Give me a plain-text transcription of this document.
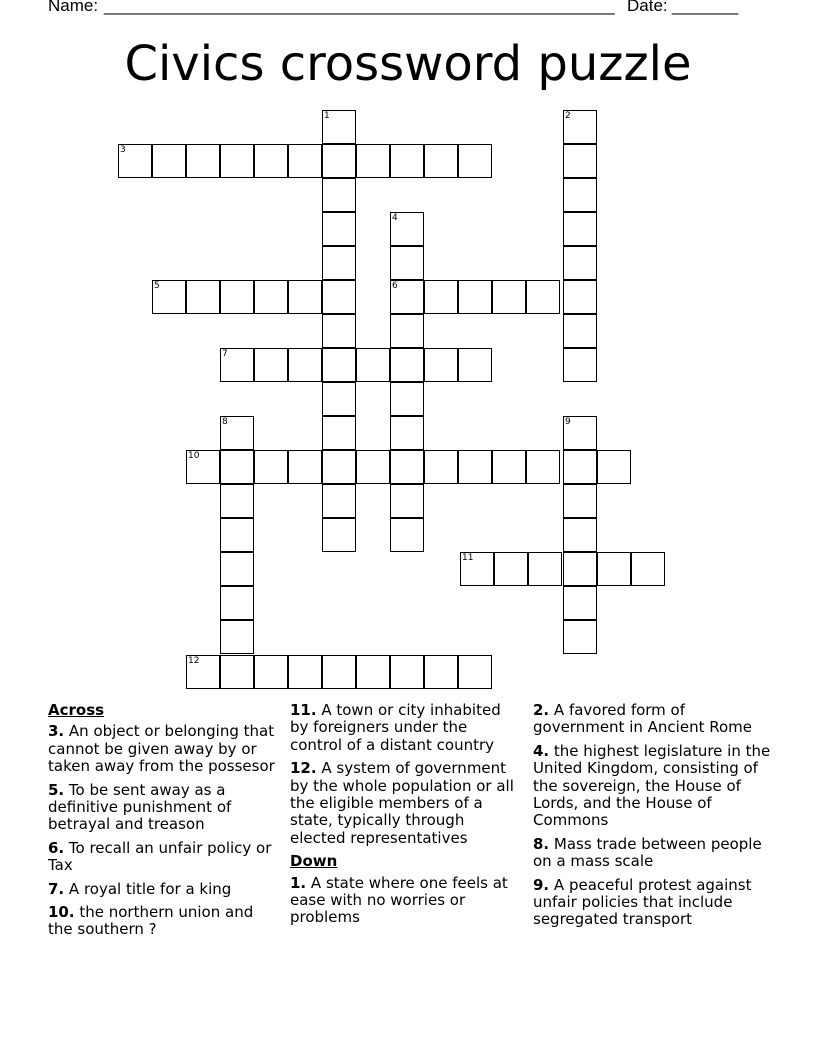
Name:

______________________________________________________

Date:

_______

Civics crossword puzzle
1	2
3
4
5	6
7
8	9
10
11
12
Across
3. An object or belonging that cannot be given away by or taken away from the possesor
5. To be sent away as a definitive punishment of betrayal and treason
6. To recall an unfair policy or Tax
7. A royal title for a king
10. the northern union and the southern ?
11. A town or city inhabited by foreigners under the control of a distant country
12. A system of government by the whole population or all the eligible members of a state, typically through elected representatives
Down
1. A state where one feels at ease with no worries or problems
2. A favored form of government in Ancient Rome
4. the highest legislature in the United Kingdom, consisting of the sovereign, the House of Lords, and the House of Commons
8. Mass trade between people on a mass scale
9. A peaceful protest against unfair policies that include segregated transport
